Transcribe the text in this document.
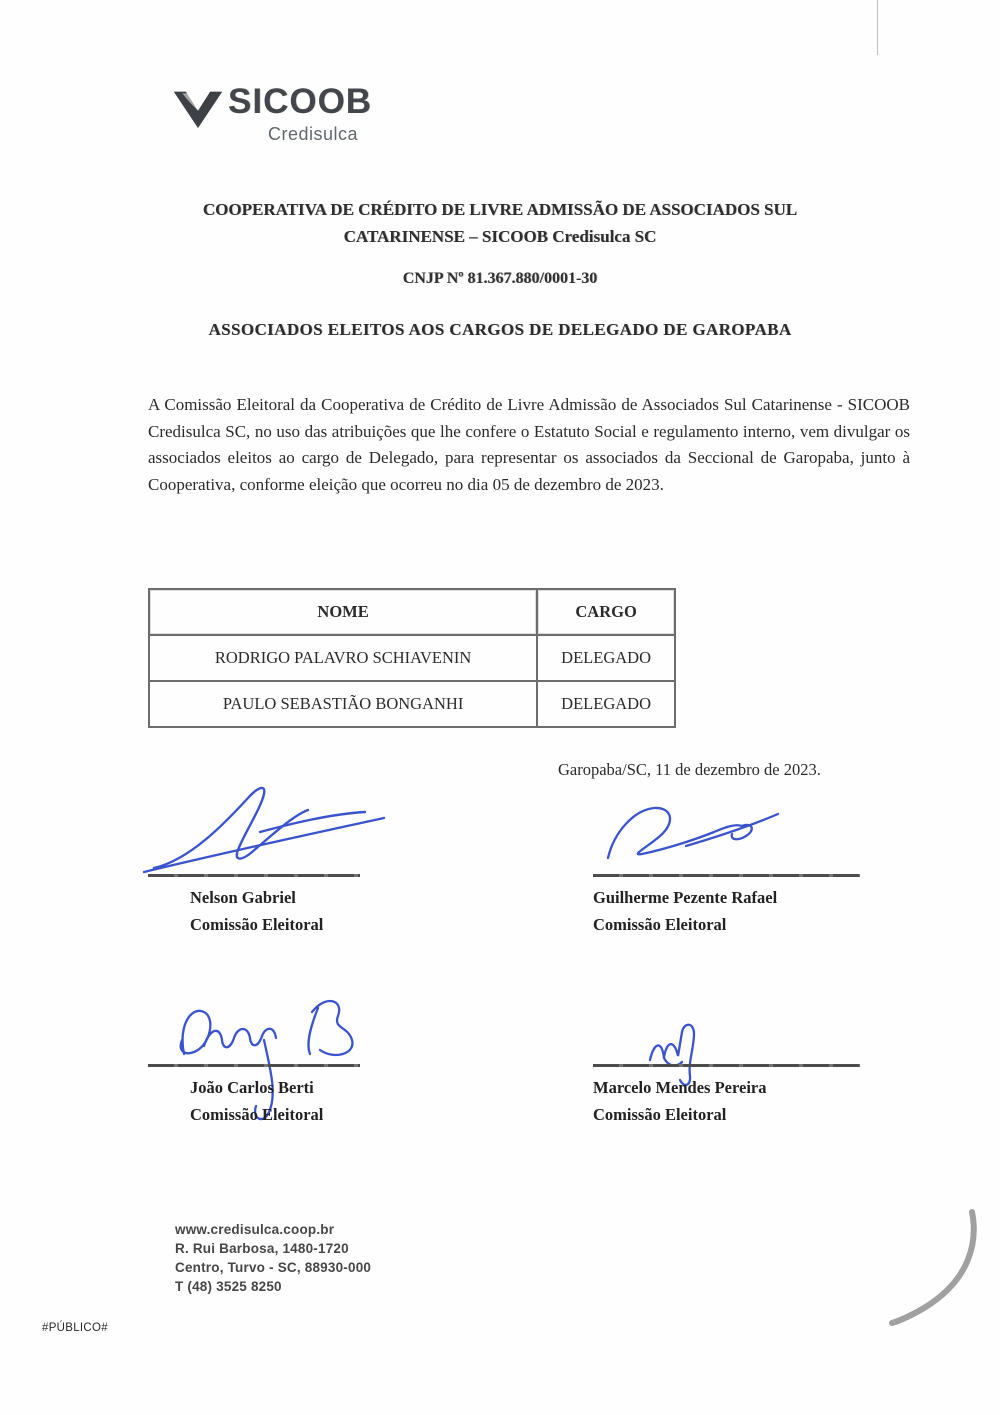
SICOOB
Credisulca
COOPERATIVA DE CRÉDITO DE LIVRE ADMISSÃO DE ASSOCIADOS SUL
CATARINENSE – SICOOB Credisulca SC
CNJP Nº 81.367.880/0001-30
ASSOCIADOS ELEITOS AOS CARGOS DE DELEGADO DE GAROPABA

A Comissão Eleitoral da Cooperativa de Crédito de Livre Admissão de Associados Sul Catarinense - SICOOB Credisulca SC, no uso das atribuições que lhe confere o Estatuto Social e regulamento interno, vem divulgar os associados eleitos ao cargo de Delegado, para representar os associados da Seccional de Garopaba, junto à Cooperativa, conforme eleição que ocorreu no dia 05 de dezembro de 2023.

NOME	CARGO
RODRIGO PALAVRO SCHIAVENIN	DELEGADO
PAULO SEBASTIÃO BONGANHI	DELEGADO
Garopaba/SC, 11 de dezembro de 2023.
Nelson Gabriel
Comissão Eleitoral
Guilherme Pezente Rafael
Comissão Eleitoral
João Carlos Berti
Comissão Eleitoral
Marcelo Mendes Pereira
Comissão Eleitoral
www.credisulca.coop.br
R. Rui Barbosa, 1480-1720
Centro, Turvo - SC, 88930-000
T (48) 3525 8250
#PÚBLICO#
